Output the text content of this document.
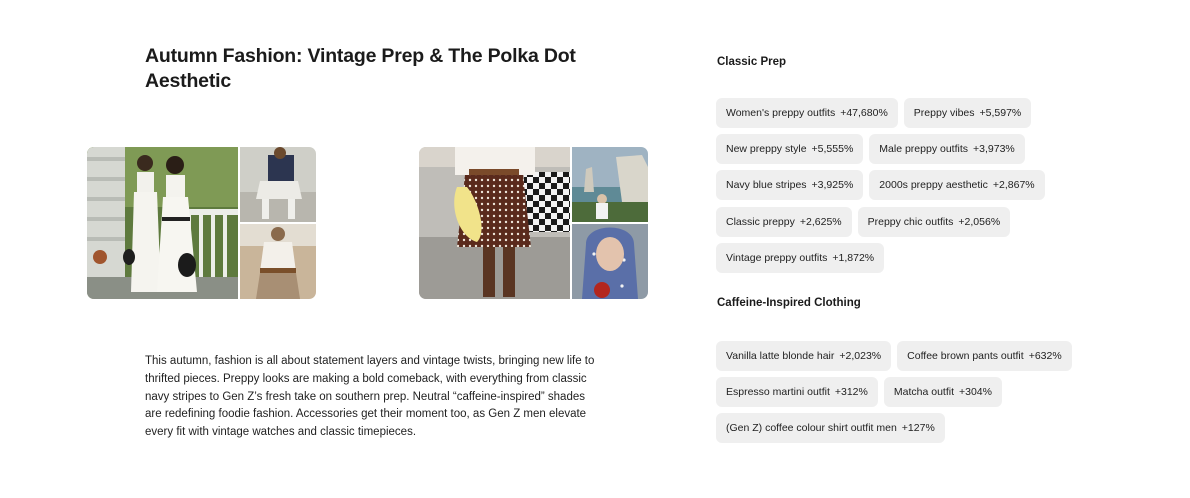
Autumn Fashion: Vintage Prep & The Polka Dot Aesthetic
This autumn, fashion is all about statement layers and vintage twists, bringing new life to thrifted pieces. Preppy looks are making a bold comeback, with everything from classic navy stripes to Gen Z’s fresh take on southern prep. Neutral “caffeine-inspired” shades are redefining foodie fashion. Accessories get their moment too, as Gen Z men elevate every fit with vintage watches and classic timepieces.
Classic Prep
Women's preppy outfits +47,680% Preppy vibes +5,597%
New preppy style +5,555% Male preppy outfits +3,973%
Navy blue stripes +3,925% 2000s preppy aesthetic +2,867%
Classic preppy +2,625% Preppy chic outfits +2,056%
Vintage preppy outfits +1,872%
Caffeine-Inspired Clothing
Vanilla latte blonde hair +2,023% Coffee brown pants outfit +632%
Espresso martini outfit +312% Matcha outfit +304%
(Gen Z) coffee colour shirt outfit men +127%
